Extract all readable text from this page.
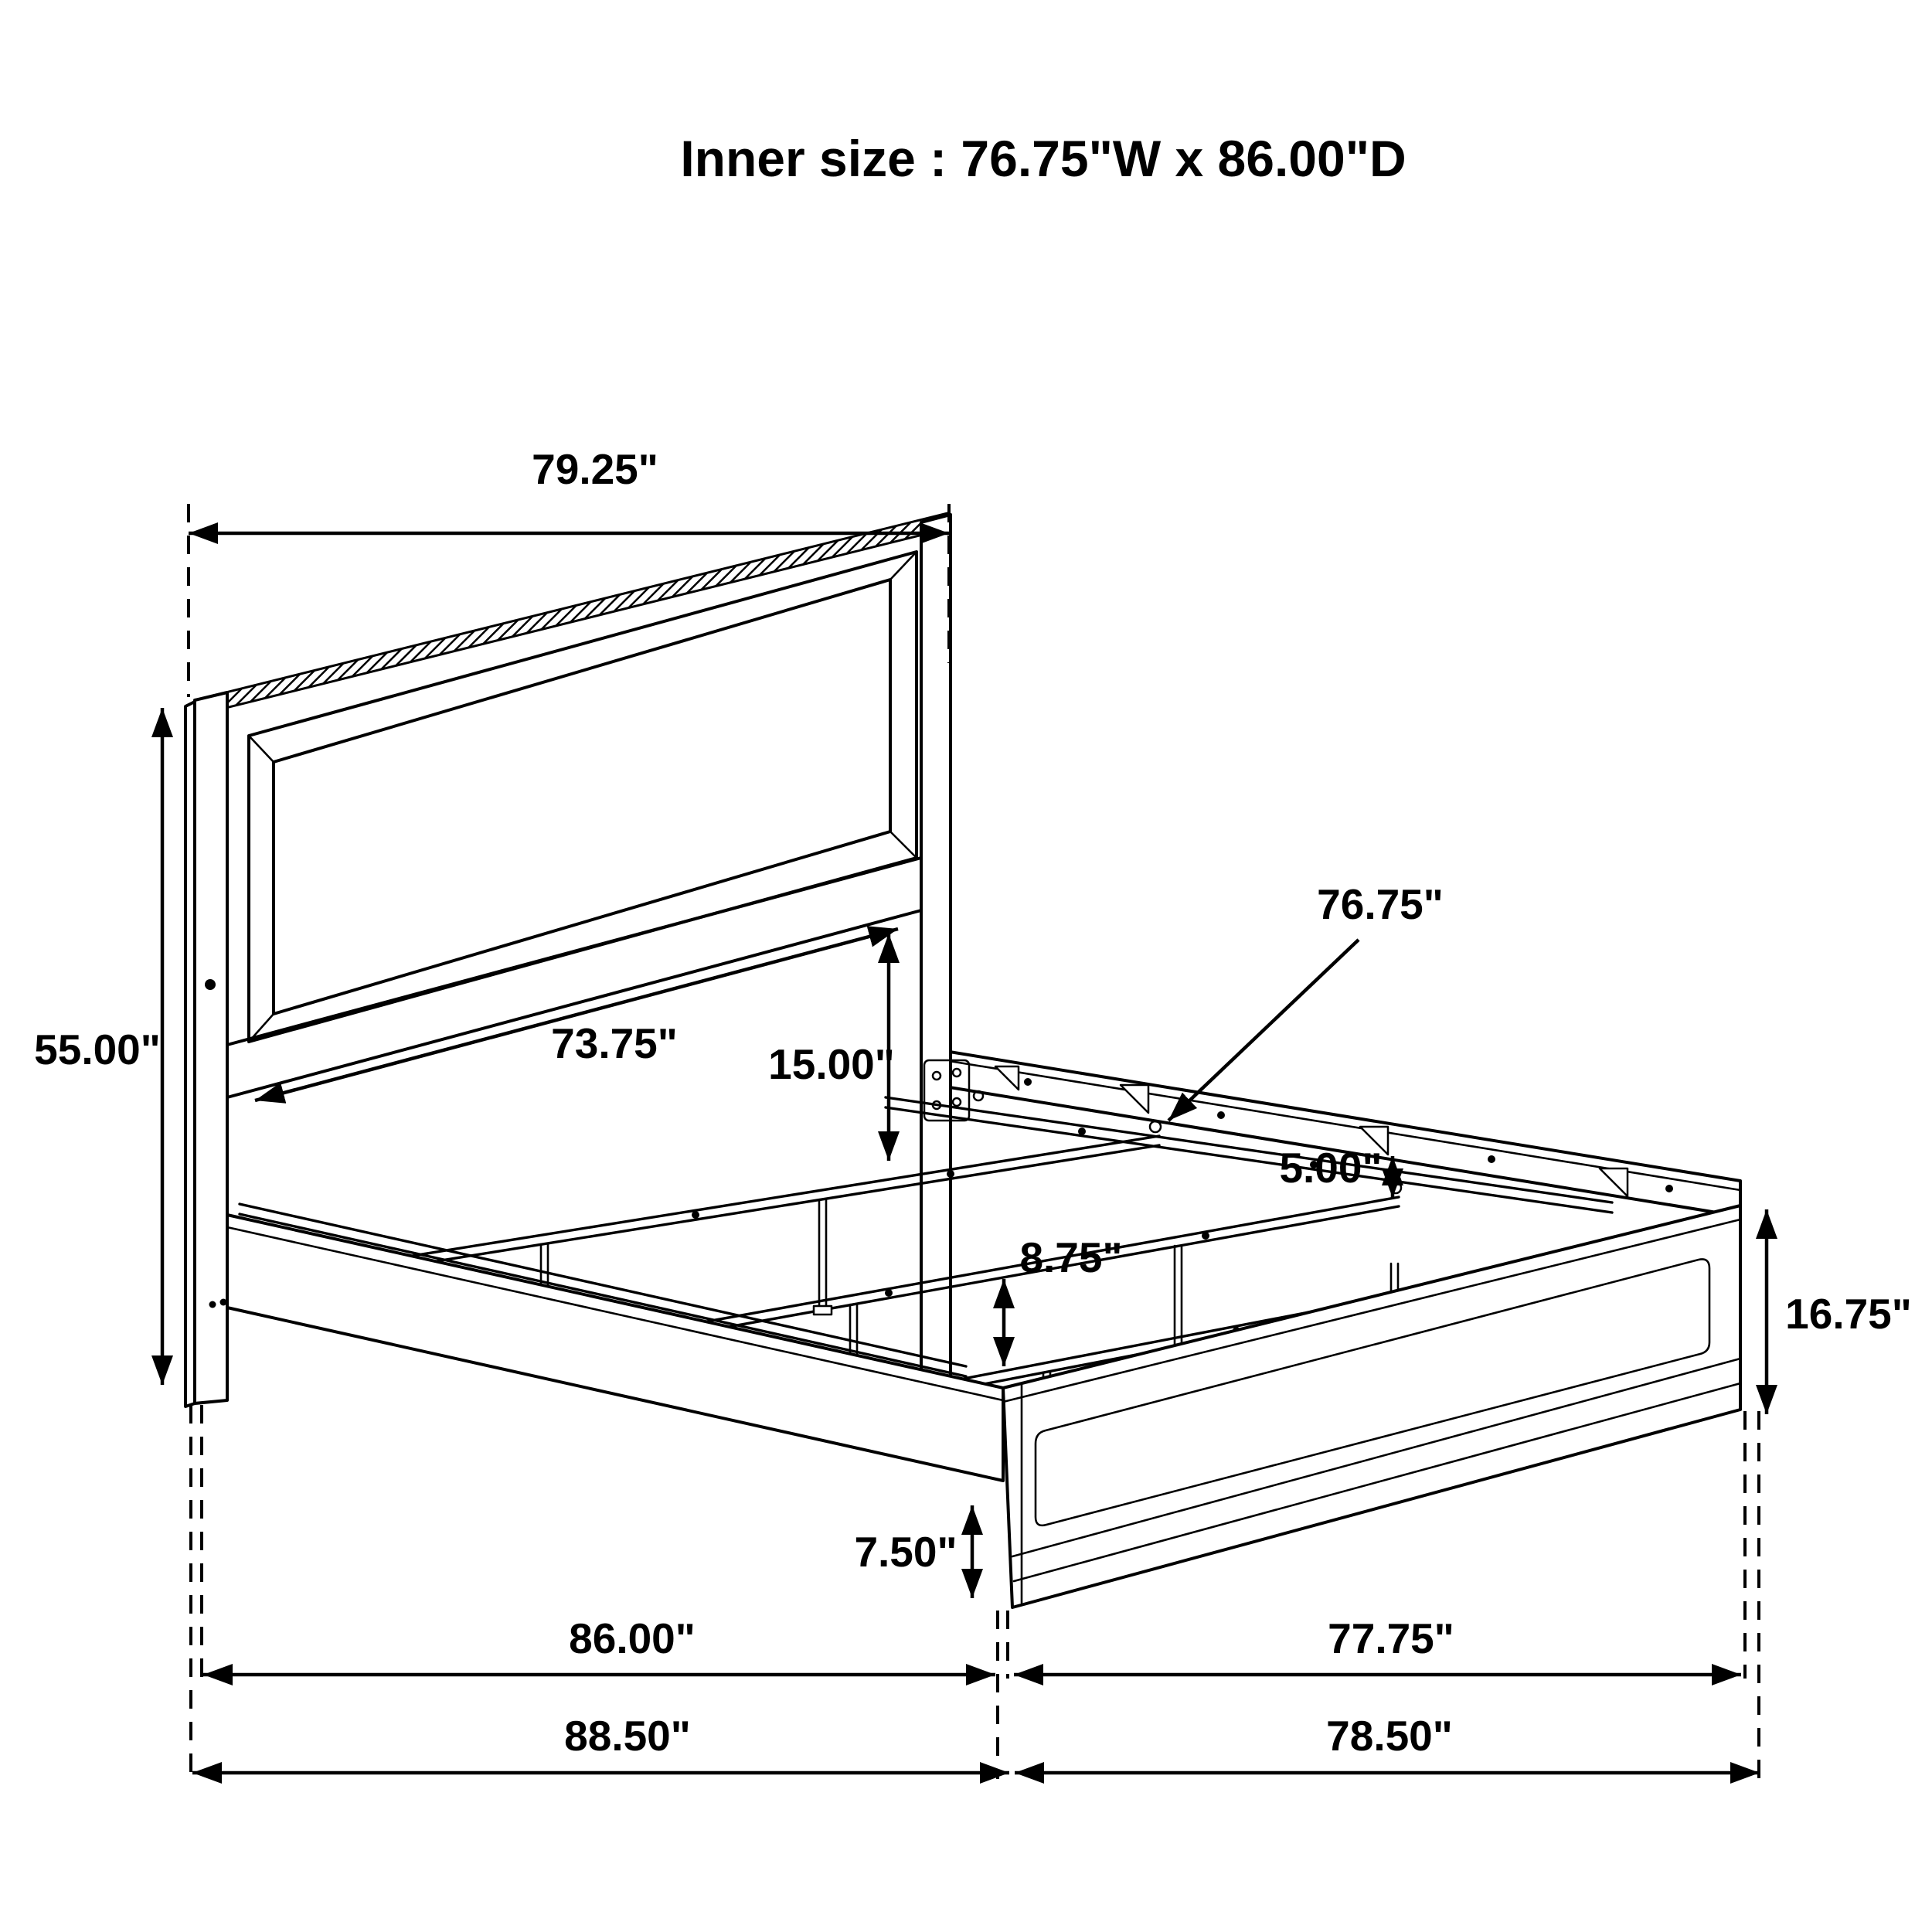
79.25"
55.00"	73.75" 15.00"
76.75"
5.00"
8.75"
16.75"
7.50"
86.00"	77.75"
88.50"	78.50"
Inner size : 76.75"W x 86.00"D
